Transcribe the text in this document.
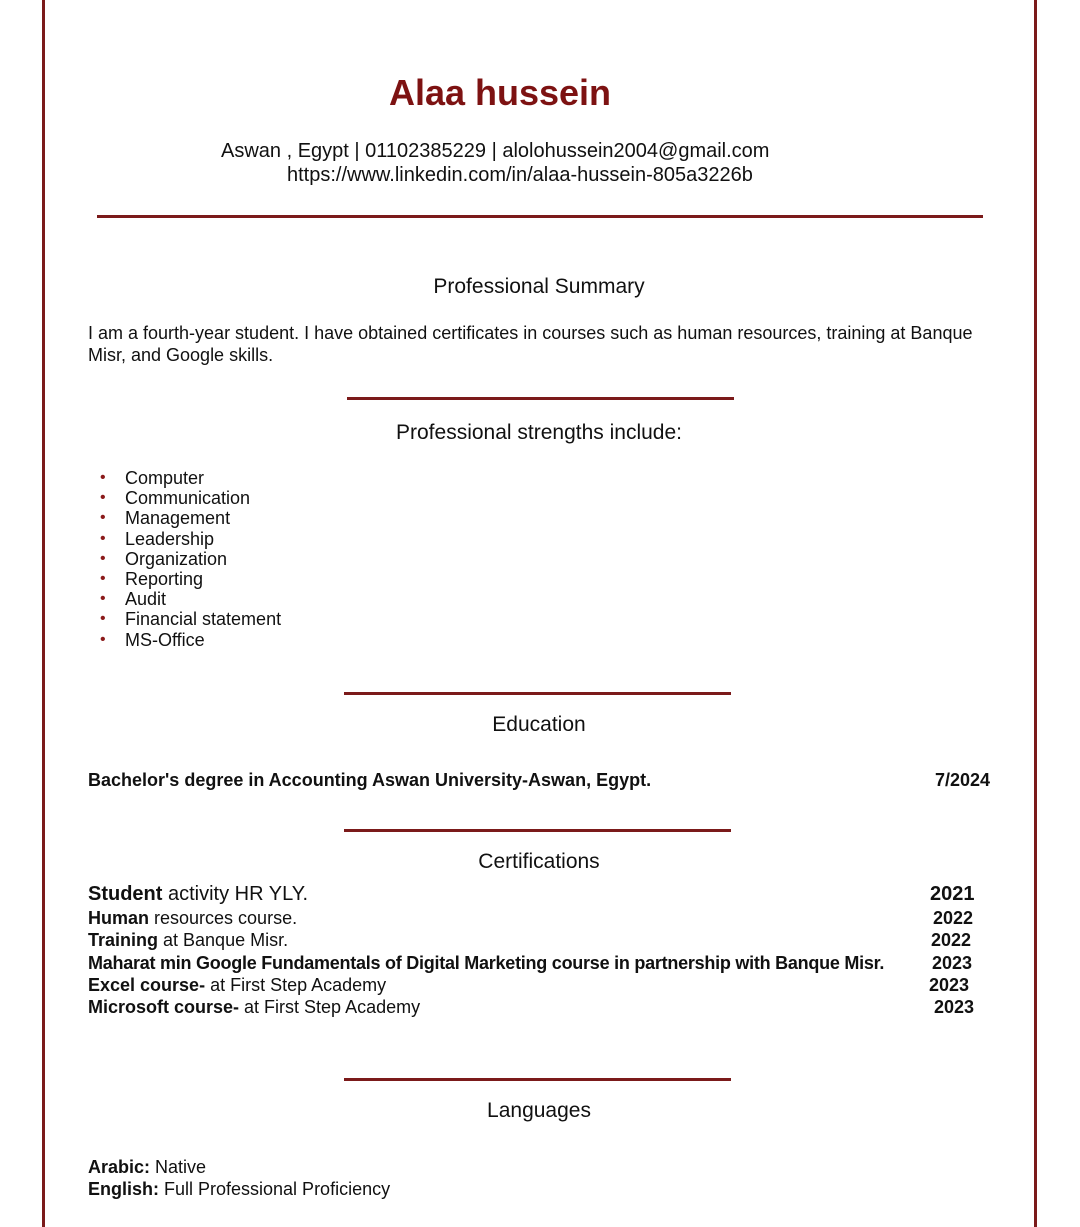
Alaa hussein
Aswan , Egypt | 01102385229 | alolohussein2004@gmail.com
https://www.linkedin.com/in/alaa-hussein-805a3226b
Professional Summary
I am a fourth-year student. I have obtained certificates in courses such as human resources, training at Banque Misr, and Google skills.
Professional strengths include:
• Computer
• Communication
• Management
• Leadership
• Organization
• Reporting
• Audit
• Financial statement
• MS-Office
Education
Bachelor's degree in Accounting Aswan University-Aswan, Egypt.	7/2024
Certifications
Student activity HR YLY.	2021
Human resources course.	2022
Training at Banque Misr.	2022
Maharat min Google Fundamentals of Digital Marketing course in partnership with Banque Misr.	2023
Excel course- at First Step Academy	2023
Microsoft course- at First Step Academy	2023
Languages
Arabic: Native
English: Full Professional Proficiency
